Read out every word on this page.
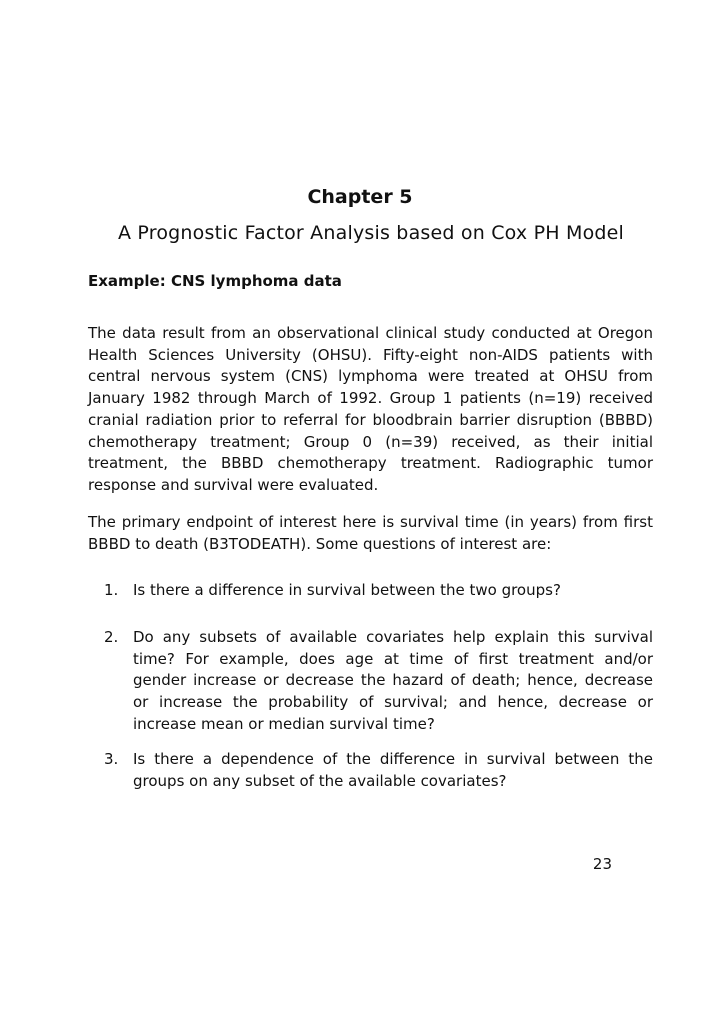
Chapter 5
A Prognostic Factor Analysis based on Cox PH Model
Example: CNS lymphoma data

The data result from an observational clinical study conducted at Oregon Health Sciences University (OHSU). Fifty-eight non-AIDS patients with central nervous system (CNS) lymphoma were treated at OHSU from January 1982 through March of 1992. Group 1 patients (n=19) received cranial radiation prior to referral for bloodbrain barrier disruption (BBBD) chemotherapy treatment; Group 0 (n=39) received, as their initial treatment, the BBBD chemotherapy treatment. Radiographic tumor response and survival were evaluated.

The primary endpoint of interest here is survival time (in years) from first BBBD to death (B3TODEATH). Some questions of interest are:

1. Is there a difference in survival between the two groups?
2. Do any subsets of available covariates help explain this survival time? For example, does age at time of first treatment and/or gender increase or decrease the hazard of death; hence, decrease or increase the probability of survival; and hence, decrease or increase mean or median survival time?
3. Is there a dependence of the difference in survival between the groups on any subset of the available covariates?
23
